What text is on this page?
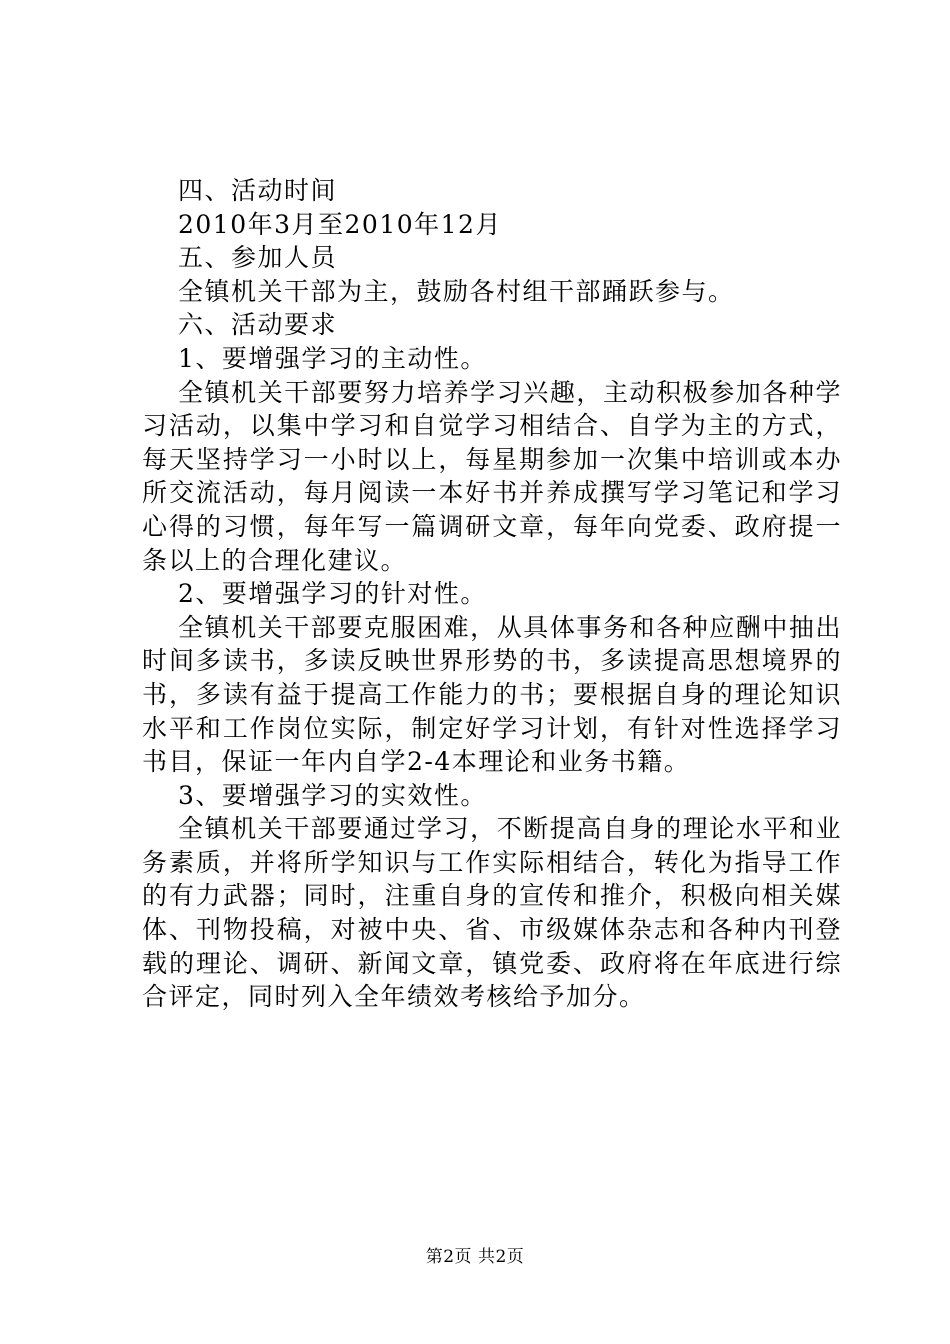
四、活动时间

2010年3月至2010年12月

五、参加人员

全镇机关干部为主，鼓励各村组干部踊跃参与。

六、活动要求

1、要增强学习的主动性。

全镇机关干部要努力培养学习兴趣，主动积极参加各种学习活动，以集中学习和自觉学习相结合、自学为主的方式，每天坚持学习一小时以上，每星期参加一次集中培训或本办所交流活动，每月阅读一本好书并养成撰写学习笔记和学习心得的习惯，每年写一篇调研文章，每年向党委、政府提一条以上的合理化建议。

2、要增强学习的针对性。

全镇机关干部要克服困难，从具体事务和各种应酬中抽出时间多读书，多读反映世界形势的书，多读提高思想境界的书，多读有益于提高工作能力的书；要根据自身的理论知识水平和工作岗位实际，制定好学习计划，有针对性选择学习书目，保证一年内自学2-4本理论和业务书籍。

3、要增强学习的实效性。

全镇机关干部要通过学习，不断提高自身的理论水平和业务素质，并将所学知识与工作实际相结合，转化为指导工作的有力武器；同时，注重自身的宣传和推介，积极向相关媒体、刊物投稿，对被中央、省、市级媒体杂志和各种内刊登载的理论、调研、新闻文章，镇党委、政府将在年底进行综合评定，同时列入全年绩效考核给予加分。

第2页 共2页
